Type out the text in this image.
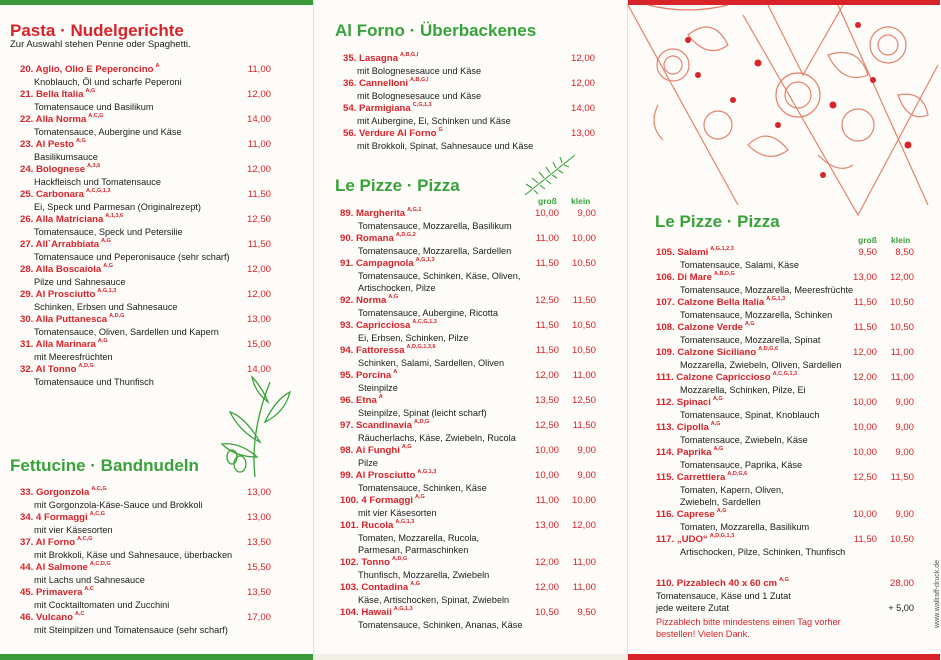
Pasta · Nudelgerichte
Zur Auswahl stehen Penne oder Spaghetti.
20. Aglio, Olio E Peperoncino $^A$	11,00
Knoblauch, Öl und scharfe Peperoni
21. Bella Italia $^{A,G}$	12,00
Tomatensauce und Basilikum
22. Alla Norma $^{A,C,G}$	14,00
Tomatensauce, Aubergine und Käse
23. Al Pesto $^{A,G}$	11,00
Basilikumsauce
24. Bolognese $^{A,3,6}$	12,00
Hackfleisch und Tomatensauce
25. Carbonara $^{A,C,G,1,3}$	11,50
Ei, Speck und Parmesan (Originalrezept)
26. Alla Matriciana $^{A,1,3,6}$	12,50
Tomatensauce, Speck und Petersilie
27. All`Arrabbiata $^{A,G}$	11,50
Tomatensauce und Peperonisauce (sehr scharf)
28. Alla Boscaiola $^{A,G}$	12,00
Pilze und Sahnesauce
29. Al Prosciutto $^{A,G,1,3}$	12,00
Schinken, Erbsen und Sahnesauce
30. Alla Puttanesca $^{A,D,G}$	13,00
Tomatensauce, Oliven, Sardellen und Kapern
31. Alla Marinara $^{A,G}$	15,00
mit Meeresfrüchten
32. Al Tonno $^{A,D,G}$	14,00
Tomatensauce und Thunfisch
Fettucine · Bandnudeln
33. Gorgonzola $^{A,C,G}$	13,00
mit Gorgonzola-Käse-Sauce und Brokkoli
34. 4 Formaggi $^{A,C,G}$	13,00
mit vier Käsesorten
37. Al Forno $^{A,C,G}$	13,50
mit Brokkoli, Käse und Sahnesauce, überbacken
44. Al Salmone $^{A,C,D,G}$	15,50
mit Lachs und Sahnesauce
45. Primavera $^{A,C}$	13,50
mit Cocktailtomaten und Zucchini
46. Vulcano $^{A,C}$	17,00
mit Steinpilzen und Tomatensauce (sehr scharf)
Al Forno · Überbackenes
35. Lasagna $^{A,B,G,I}$	12,00
mit Bolognesesauce und Käse
36. Cannelloni $^{A,B,G,I}$	12,00
mit Bolognesesauce und Käse
54. Parmigiana $^{C,G,1,3}$	14,00
mit Aubergine, Ei, Schinken und Käse
56. Verdure Al Forno $^G$	13,00
mit Brokkoli, Spinat, Sahnesauce und Käse
Le Pizze · Pizza
groß klein
89. Margherita $^{A,G,1}$	10,00 9,00
Tomatensauce, Mozzarella, Basilikum
90. Romana $^{A,D,G,2}$	11,00 10,00
Tomatensauce, Mozzarella, Sardellen
91. Campagnola $^{A,G,1,3}$	11,50 10,50
Tomatensauce, Schinken, Käse, Oliven,
Artischocken, Pilze
92. Norma $^{A,G}$	12,50 11,50
Tomatensauce, Aubergine, Ricotta
93. Capricciosa $^{A,C,G,1,3}$	11,50 10,50
Ei, Erbsen, Schinken, Pilze
94. Fattoressa $^{A,D,G,1,3,6}$	11,50 10,50
Schinken, Salami, Sardellen, Oliven
95. Porcina $^A$	12,00 11,00
Steinpilze
96. Etna $^A$	13,50 12,50
Steinpilze, Spinat (leicht scharf)
97. Scandinavia $^{A,D,G}$	12,50 11,50
Räucherlachs, Käse, Zwiebeln, Rucola
98. Ai Funghi $^{A,G}$	10,00 9,00
Pilze
99. Al Prosciutto $^{A,G,1,3}$	10,00 9,00
Tomatensauce, Schinken, Käse
100. 4 Formaggi $^{A,G}$	11,00 10,00
mit vier Käsesorten
101. Rucola $^{A,G,1,3}$	13,00 12,00
Tomaten, Mozzarella, Rucola,
Parmesan, Parmaschinken
102. Tonno $^{A,D,G}$	12,00 11,00
Thunfisch, Mozzarella, Zwiebeln
103. Contadina $^{A,G}$	12,00 11,00
Käse, Artischocken, Spinat, Zwiebeln
104. Hawaii $^{A,G,1,3}$	10,50 9,50
Tomatensauce, Schinken, Ananas, Käse
Le Pizze · Pizza
groß klein
105. Salami $^{A,G,1,2,3}$	9,50 8,50
Tomatensauce, Salami, Käse
106. Di Mare $^{A,B,D,G}$	13,00 12,00
Tomatensauce, Mozzarella, Meeresfrüchte
107. Calzone Bella Italia $^{A,G,1,3}$	11,50 10,50
Tomatensauce, Mozzarella, Schinken
108. Calzone Verde $^{A,G}$	11,50 10,50
Tomatensauce, Mozzarella, Spinat
109. Calzone Siciliano $^{A,D,G,6}$	12,00 11,00
Mozzarella, Zwiebeln, Oliven, Sardellen
111. Calzone Capriccioso $^{A,C,G,1,3}$	12,00 11,00
Mozzarella, Schinken, Pilze, Ei
112. Spinaci $^{A,G}$	10,00 9,00
Tomatensauce, Spinat, Knoblauch
113. Cipolla $^{A,G}$	10,00 9,00
Tomatensauce, Zwiebeln, Käse
114. Paprika $^{A,G}$	10,00 9,00
Tomatensauce, Paprika, Käse
115. Carrettiera $^{A,D,G,6}$	12,50 11,50
Tomaten, Kapern, Oliven,
Zwiebeln, Sardellen
116. Caprese $^{A,G}$	10,00 9,00
Tomaten, Mozzarella, Basilikum
117. „UDO“ $^{A,D,G,1,3}$	11,50 10,50
Artischocken, Pilze, Schinken, Thunfisch
110. Pizzablech 40 x 60 cm $^{A,G}$	28,00
Tomatensauce, Käse und 1 Zutat
jede weitere Zutat	+ 5,00
Pizzablech bitte mindestens einen Tag vorher
bestellen! Vielen Dank.
www.wallraff-druck.de
